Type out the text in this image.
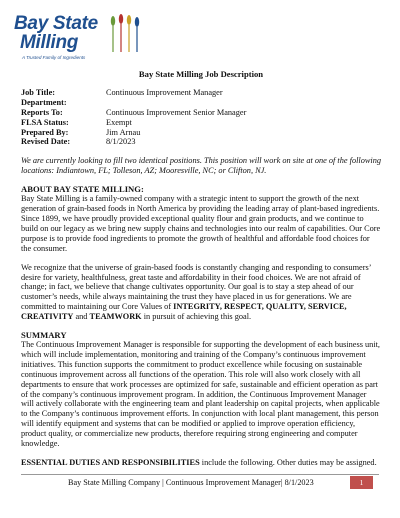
Bay State
Milling
A Trusted Family of Ingredients
Bay State Milling Job Description
Job Title:	Continuous Improvement Manager
Department:
Reports To:	Continuous Improvement Senior Manager
FLSA Status:	Exempt
Prepared By:	Jim Arnau
Revised Date:	8/1/2023

We are currently looking to fill two identical positions. This position will work on site at one of the following locations: Indiantown, FL; Tolleson, AZ; Mooresville, NC; or Clifton, NJ.

ABOUT BAY STATE MILLING:

Bay State Milling is a family-owned company with a strategic intent to support the growth of the next generation of grain-based foods in North America by providing the leading array of plant-based ingredients. Since 1899, we have proudly provided exceptional quality flour and grain products, and we continue to build on our legacy as we bring new supply chains and technologies into our realm of capabilities. Our Core purpose is to provide food ingredients to promote the growth of healthful and affordable food choices for the consumer.

We recognize that the universe of grain-based foods is constantly changing and responding to consumers’ desire for variety, healthfulness, great taste and affordability in their food choices. We are not afraid of change; in fact, we believe that change cultivates opportunity. Our goal is to stay a step ahead of our customer’s needs, while always maintaining the trust they have placed in us for generations. We are committed to maintaining our Core Values of INTEGRITY, RESPECT, QUALITY, SERVICE, CREATIVITY and TEAMWORK in pursuit of achieving this goal.

SUMMARY

The Continuous Improvement Manager is responsible for supporting the development of each business unit, which will include implementation, monitoring and training of the Company’s continuous improvement initiatives. This function supports the commitment to product excellence while focusing on sustainable continuous improvement across all functions of the operation. This role will also work closely with all departments to ensure that work processes are optimized for safe, sustainable and efficient operation as part of the company’s continuous improvement program. In addition, the Continuous Improvement Manager will actively collaborate with the engineering team and plant leadership on capital projects, when applicable to the Company’s continuous improvement efforts. In conjunction with local plant management, this person will identify equipment and systems that can be modified or applied to improve operation efficiency, product quality, or commercialize new products, therefore requiring strong engineering and computer knowledge.

ESSENTIAL DUTIES AND RESPONSIBILITIES include the following. Other duties may be assigned.

Bay State Milling Company | Continuous Improvement Manager| 8/1/2023	1
